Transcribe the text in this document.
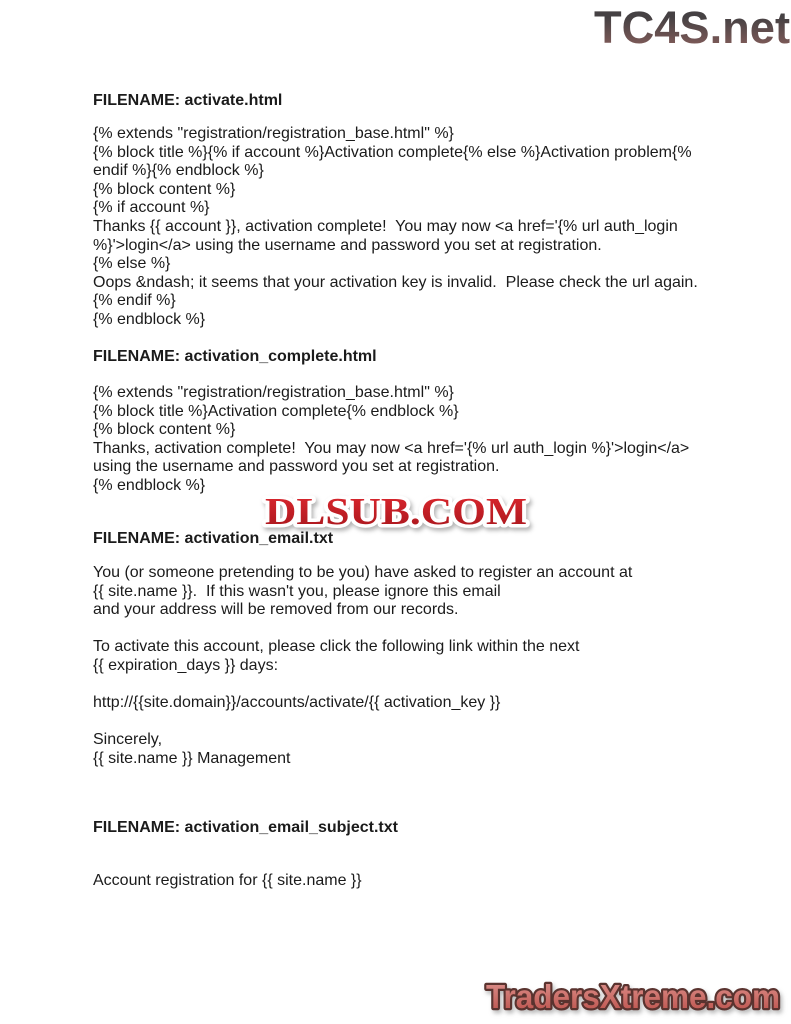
TC4S.net
FILENAME: activate.html
{% extends "registration/registration_base.html" %}
{% block title %}{% if account %}Activation complete{% else %}Activation problem{%
endif %}{% endblock %}
{% block content %}
{% if account %}
Thanks {{ account }}, activation complete!  You may now <a href='{% url auth_login
%}'>login</a> using the username and password you set at registration.
{% else %}
Oops &ndash; it seems that your activation key is invalid.  Please check the url again.
{% endif %}
{% endblock %}
FILENAME: activation_complete.html
{% extends "registration/registration_base.html" %}
{% block title %}Activation complete{% endblock %}
{% block content %}
Thanks, activation complete!  You may now <a href='{% url auth_login %}'>login</a>
using the username and password you set at registration.
{% endblock %}
DLSUB.COM
FILENAME: activation_email.txt
You (or someone pretending to be you) have asked to register an account at
{{ site.name }}.  If this wasn't you, please ignore this email
and your address will be removed from our records.

To activate this account, please click the following link within the next
{{ expiration_days }} days:

http://{{site.domain}}/accounts/activate/{{ activation_key }}

Sincerely,
{{ site.name }} Management
FILENAME: activation_email_subject.txt

Account registration for {{ site.name }}
TradersXtreme.com
